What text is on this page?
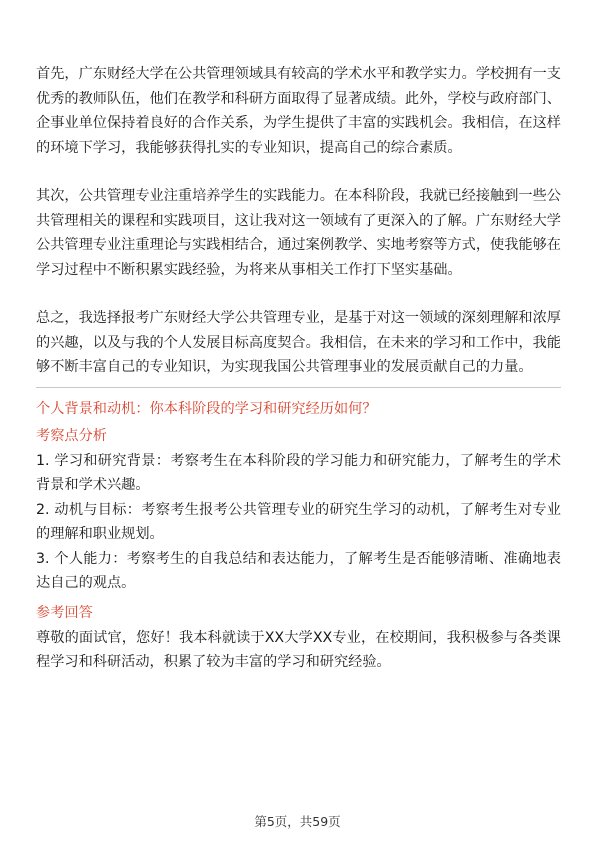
首先，广东财经大学在公共管理领域具有较高的学术水平和教学实力。学校拥有一支优秀的教师队伍，他们在教学和科研方面取得了显著成绩。此外，学校与政府部门、企事业单位保持着良好的合作关系，为学生提供了丰富的实践机会。我相信，在这样的环境下学习，我能够获得扎实的专业知识，提高自己的综合素质。

其次，公共管理专业注重培养学生的实践能力。在本科阶段，我就已经接触到一些公共管理相关的课程和实践项目，这让我对这一领域有了更深入的了解。广东财经大学公共管理专业注重理论与实践相结合，通过案例教学、实地考察等方式，使我能够在学习过程中不断积累实践经验，为将来从事相关工作打下坚实基础。

总之，我选择报考广东财经大学公共管理专业，是基于对这一领域的深刻理解和浓厚的兴趣，以及与我的个人发展目标高度契合。我相信，在未来的学习和工作中，我能够不断丰富自己的专业知识，为实现我国公共管理事业的发展贡献自己的力量。

个人背景和动机：你本科阶段的学习和研究经历如何？

考察点分析

1. 学习和研究背景：考察考生在本科阶段的学习能力和研究能力，了解考生的学术背景和学术兴趣。

2. 动机与目标：考察考生报考公共管理专业的研究生学习的动机，了解考生对专业的理解和职业规划。

3. 个人能力：考察考生的自我总结和表达能力，了解考生是否能够清晰、准确地表达自己的观点。

参考回答

尊敬的面试官，您好！我本科就读于XX大学XX专业，在校期间，我积极参与各类课程学习和科研活动，积累了较为丰富的学习和研究经验。

第5页，共59页
